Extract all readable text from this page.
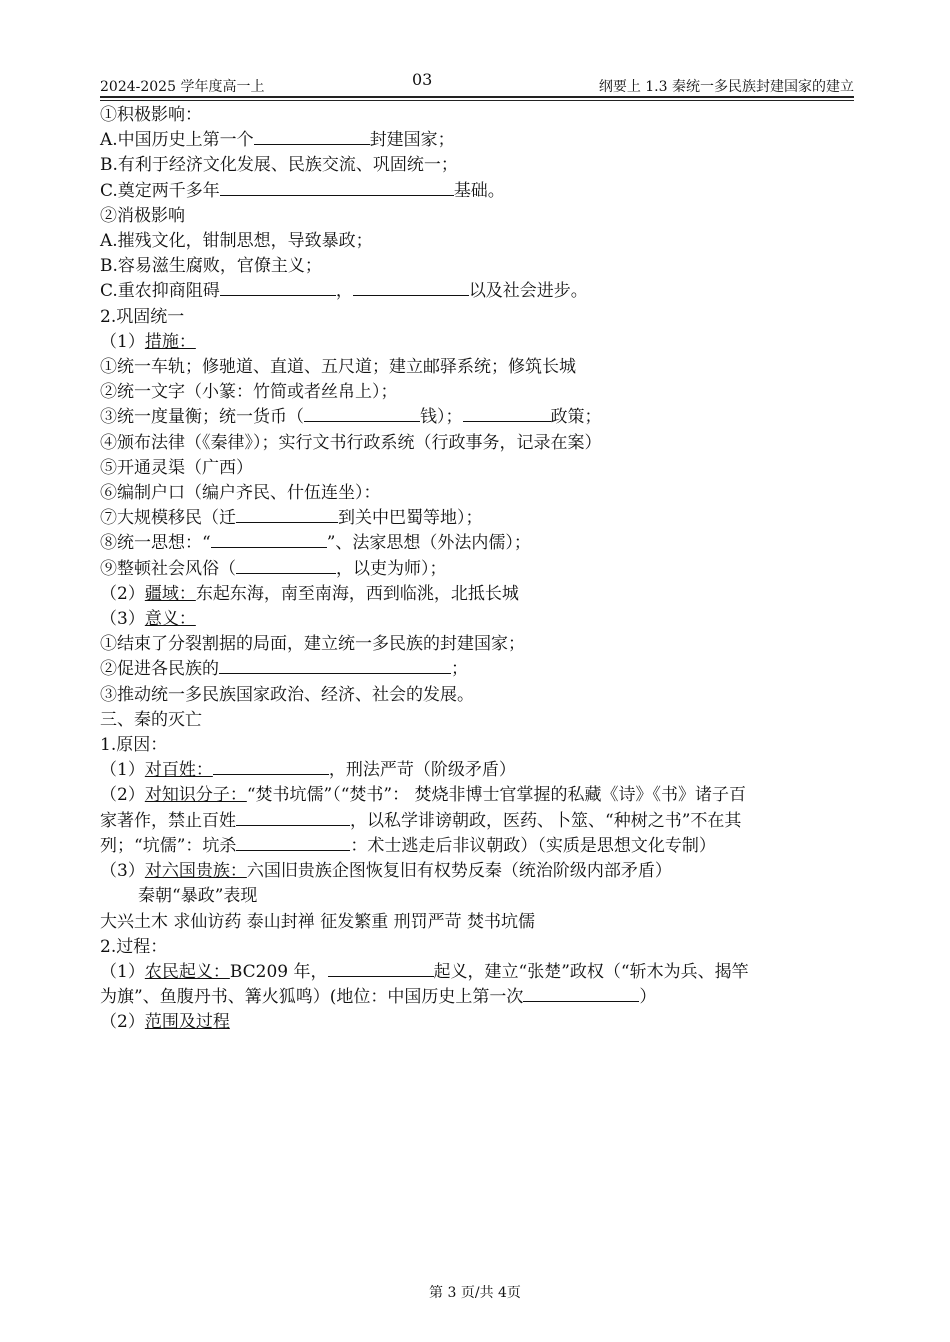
2024-2025 学年度高一上	03	纲要上 1.3 秦统一多民族封建国家的建立
①积极影响：
A.中国历史上第一个	封建国家；
B.有利于经济文化发展、民族交流、巩固统一；
C.奠定两千多年	基础。
②消极影响
A.摧残文化，钳制思想，导致暴政；
B.容易滋生腐败，官僚主义；
C.重农抑商阻碍	，	以及社会进步。
2.巩固统一
（1）措施：
①统一车轨；修驰道、直道、五尺道；建立邮驿系统；修筑长城
②统一文字（小篆：竹简或者丝帛上）；
③统一度量衡；统一货币（	钱）；	政策；
④颁布法律（《秦律》）；实行文书行政系统（行政事务，记录在案）
⑤开通灵渠（广西）
⑥编制户口（编户齐民、什伍连坐）：
⑦大规模移民（迁	到关中巴蜀等地）；
⑧统一思想：“	”、法家思想（外法内儒）；
⑨整顿社会风俗（	，以吏为师）；
（2）疆域：东起东海，南至南海，西到临洮，北抵长城
（3）意义：
①结束了分裂割据的局面，建立统一多民族的封建国家；
②促进各民族的	；
③推动统一多民族国家政治、经济、社会的发展。
三、秦的灭亡
1.原因：
（1）对百姓：	，刑法严苛（阶级矛盾）
（2）对知识分子：“焚书坑儒”（“焚书”： 焚烧非博士官掌握的私藏《诗》《书》诸子百
家著作，禁止百姓	，以私学诽谤朝政，医药、卜筮、“种树之书”不在其
列；“坑儒”：坑杀	：术士逃走后非议朝政）（实质是思想文化专制）
（3）对六国贵族：六国旧贵族企图恢复旧有权势反秦（统治阶级内部矛盾）
秦朝“暴政”表现
大兴土木 求仙访药 泰山封禅 征发繁重 刑罚严苛 焚书坑儒
2.过程：
（1）农民起义：BC209 年，	起义，建立“张楚”政权（“斩木为兵、揭竿
为旗”、鱼腹丹书、篝火狐鸣）(地位：中国历史上第一次	）
（2）范围及过程
第 3 页/共 4页
